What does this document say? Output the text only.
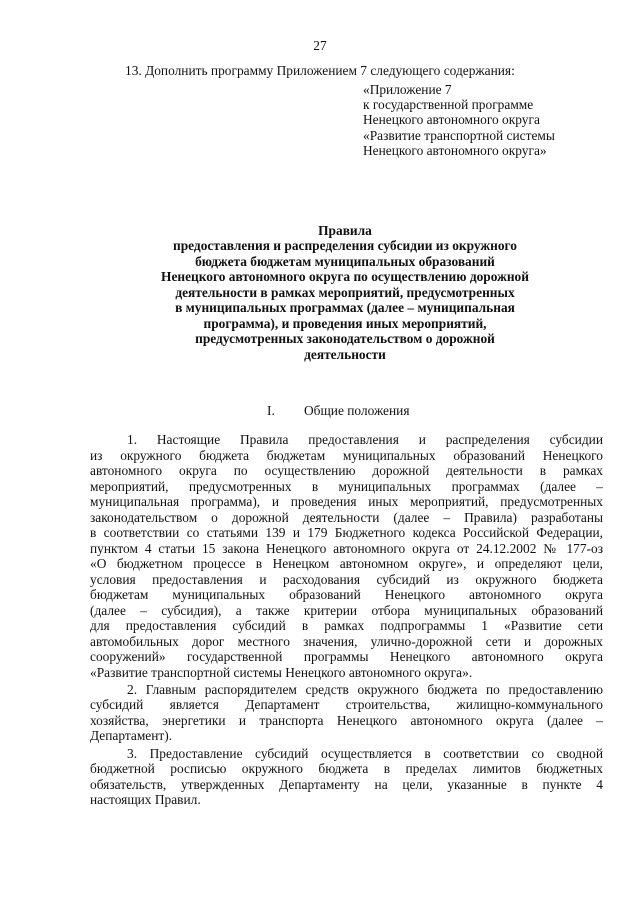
27
13. Дополнить программу Приложением 7 следующего содержания:
«Приложение 7
к государственной программе
Ненецкого автономного округа
«Развитие транспортной системы
Ненецкого автономного округа»
Правила
предоставления и распределения субсидии из окружного
бюджета бюджетам муниципальных образований
Ненецкого автономного округа по осуществлению дорожной
деятельности в рамках мероприятий, предусмотренных
в муниципальных программах (далее – муниципальная
программа), и проведения иных мероприятий,
предусмотренных законодательством о дорожной
деятельности
I. Общие положения
1. Настоящие Правила предоставления и распределения субсидии
из окружного бюджета бюджетам муниципальных образований Ненецкого
автономного округа по осуществлению дорожной деятельности в рамках
мероприятий, предусмотренных в муниципальных программах (далее –
муниципальная программа), и проведения иных мероприятий, предусмотренных
законодательством о дорожной деятельности (далее – Правила) разработаны
в соответствии со статьями 139 и 179 Бюджетного кодекса Российской Федерации,
пунктом 4 статьи 15 закона Ненецкого автономного округа от 24.12.2002 № 177-оз
«О бюджетном процессе в Ненецком автономном округе», и определяют цели,
условия предоставления и расходования субсидий из окружного бюджета
бюджетам муниципальных образований Ненецкого автономного округа
(далее – субсидия), а также критерии отбора муниципальных образований
для предоставления субсидий в рамках подпрограммы 1 «Развитие сети
автомобильных дорог местного значения, улично-дорожной сети и дорожных
сооружений» государственной программы Ненецкого автономного округа
«Развитие транспортной системы Ненецкого автономного округа».
2. Главным распорядителем средств окружного бюджета по предоставлению
субсидий является Департамент строительства, жилищно-коммунального
хозяйства, энергетики и транспорта Ненецкого автономного округа (далее –
Департамент).
3. Предоставление субсидий осуществляется в соответствии со сводной
бюджетной росписью окружного бюджета в пределах лимитов бюджетных
обязательств, утвержденных Департаменту на цели, указанные в пункте 4
настоящих Правил.
